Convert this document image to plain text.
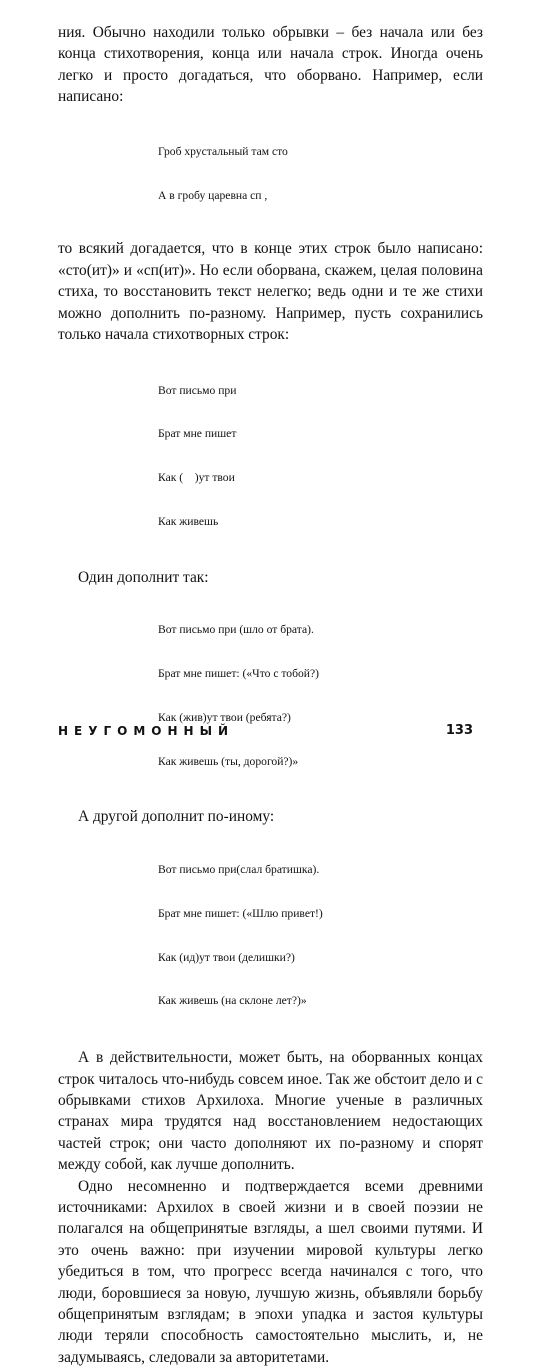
ния. Обычно находили только обрывки – без начала или без конца стихотворения, конца или начала строк. Иногда очень легко и просто догадаться, что оборвано. Например, если написано:

Гроб хрустальный там сто

А в гробу царевна сп ,

то всякий догадается, что в конце этих строк было написано: «сто(ит)» и «сп(ит)». Но если оборвана, скажем, целая половина стиха, то восстановить текст нелегко; ведь одни и те же стихи можно дополнить по-разному. Например, пусть сохранились только начала стихотворных строк:

Вот письмо при

Брат мне пишет

Как (    )ут твои

Как живешь

Один дополнит так:

Вот письмо при (шло от брата).

Брат мне пишет: («Что с тобой?)

Как (жив)ут твои (ребята?)

Как живешь (ты, дорогой?)»

А другой дополнит по-иному:

Вот письмо при(слал братишка).

Брат мне пишет: («Шлю привет!)

Как (ид)ут твои (делишки?)

Как живешь (на склоне лет?)»

А в действительности, может быть, на оборванных концах строк читалось что-нибудь совсем иное. Так же обстоит дело и с обрывками стихов Архилоха. Многие ученые в различных странах мира трудятся над восстановлением недостающих частей строк; они часто дополняют их по-разному и спорят между собой, как лучше дополнить.

Одно несомненно и подтверждается всеми древними источниками: Архилох в своей жизни и в своей поэзии не полагался на общепринятые взгляды, а шел своими путями. И это очень важно: при изучении мировой культуры легко убедиться в том, что прогресс всегда начинался с того, что люди, боровшиеся за новую, лучшую жизнь, объявляли борьбу общепринятым взглядам; в эпохи упадка и застоя культуры люди теряли способность самостоятельно мыслить, и, не задумываясь, следовали за авторитетами.

НЕУГОМОННЫЙ	133
